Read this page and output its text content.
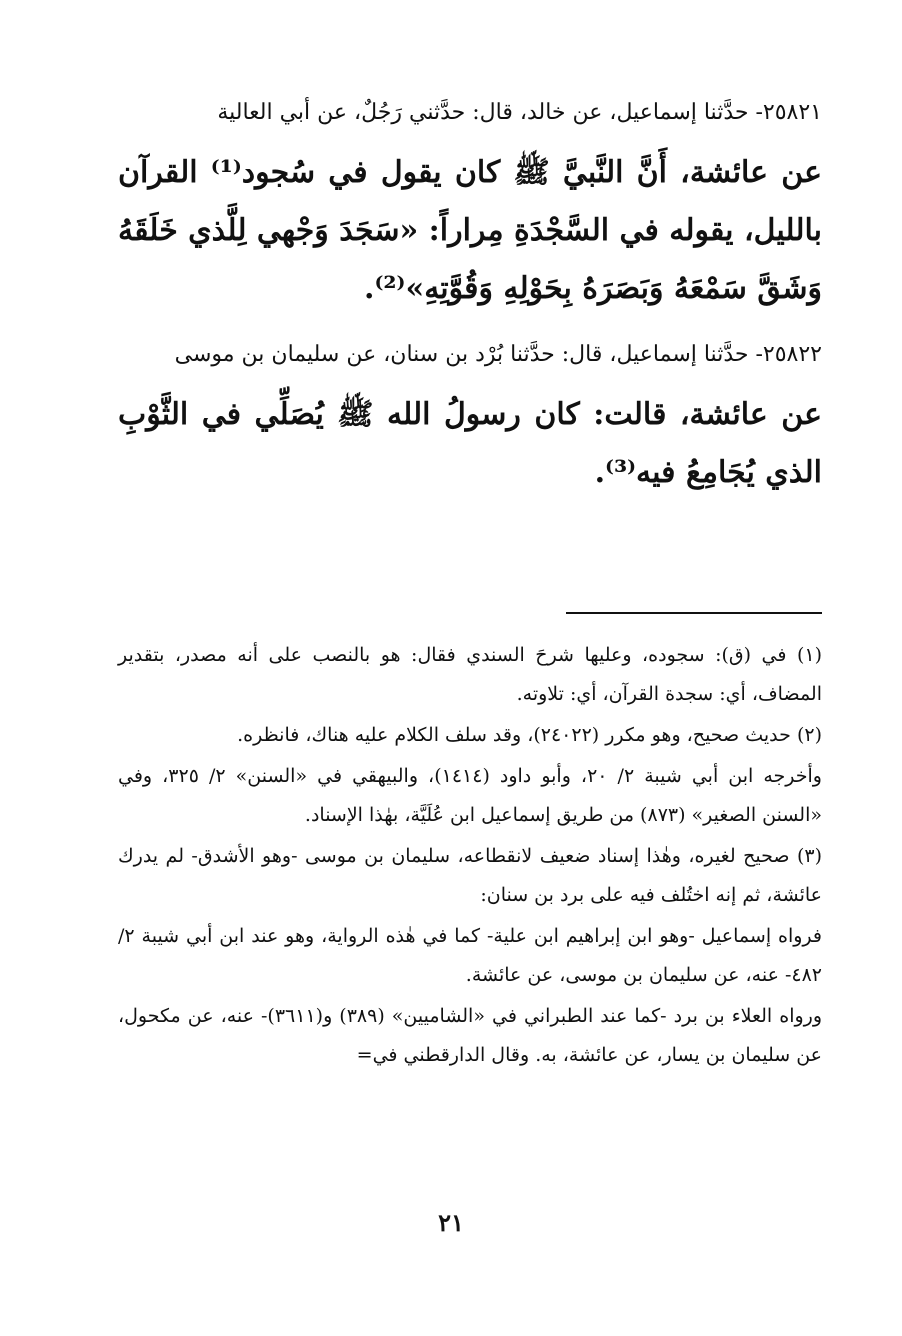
٢٥٨٢١- حدَّثنا إسماعيل، عن خالد، قال: حدَّثني رَجُلٌ، عن أبي العالية

عن عائشة، أَنَّ النَّبيَّ ﷺ كان يقول في سُجود⁽¹⁾ القرآن بالليل، يقوله في السَّجْدَةِ مِراراً: «سَجَدَ وَجْهي لِلَّذي خَلَقَهُ وَشَقَّ سَمْعَهُ وَبَصَرَهُ بِحَوْلِهِ وَقُوَّتِهِ»⁽²⁾.

٢٥٨٢٢- حدَّثنا إسماعيل، قال: حدَّثنا بُرْد بن سنان، عن سليمان بن موسى

عن عائشة، قالت: كان رسولُ الله ﷺ يُصَلِّي في الثَّوْبِ الذي يُجَامِعُ فيه⁽³⁾.

(١) في (ق): سجوده، وعليها شرحَ السندي فقال: هو بالنصب على أنه مصدر، بتقدير المضاف، أي: سجدة القرآن، أي: تلاوته.

(٢) حديث صحيح، وهو مكرر (٢٤٠٢٢)، وقد سلف الكلام عليه هناك، فانظره.

وأخرجه ابن أبي شيبة ٢/ ٢٠، وأبو داود (١٤١٤)، والبيهقي في «السنن» ٢/ ٣٢٥، وفي «السنن الصغير» (٨٧٣) من طريق إسماعيل ابن عُلَيَّة، بهٰذا الإسناد.

(٣) صحيح لغيره، وهٰذا إسناد ضعيف لانقطاعه، سليمان بن موسى -وهو الأشدق- لم يدرك عائشة، ثم إنه اختُلف فيه على برد بن سنان:

فرواه إسماعيل -وهو ابن إبراهيم ابن علية- كما في هٰذه الرواية، وهو عند ابن أبي شيبة ٢/ ٤٨٢- عنه، عن سليمان بن موسى، عن عائشة.

ورواه العلاء بن برد -كما عند الطبراني في «الشاميين» (٣٨٩) و(٣٦١١)- عنه، عن مكحول، عن سليمان بن يسار، عن عائشة، به. وقال الدارقطني في=

٢١
